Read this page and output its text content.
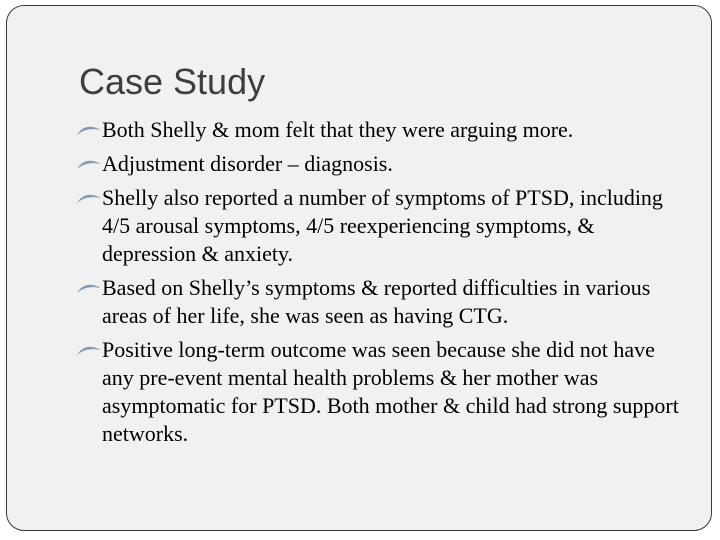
Case Study
Both Shelly & mom felt that they were arguing more.
Adjustment disorder – diagnosis.
Shelly also reported a number of symptoms of PTSD, including 4/5 arousal symptoms, 4/5 reexperiencing symptoms, & depression & anxiety.
Based on Shelly’s symptoms & reported difficulties in various areas of her life, she was seen as having CTG.
Positive long-term outcome was seen because she did not have any pre-event mental health problems & her mother was asymptomatic for PTSD. Both mother & child had strong support networks.
